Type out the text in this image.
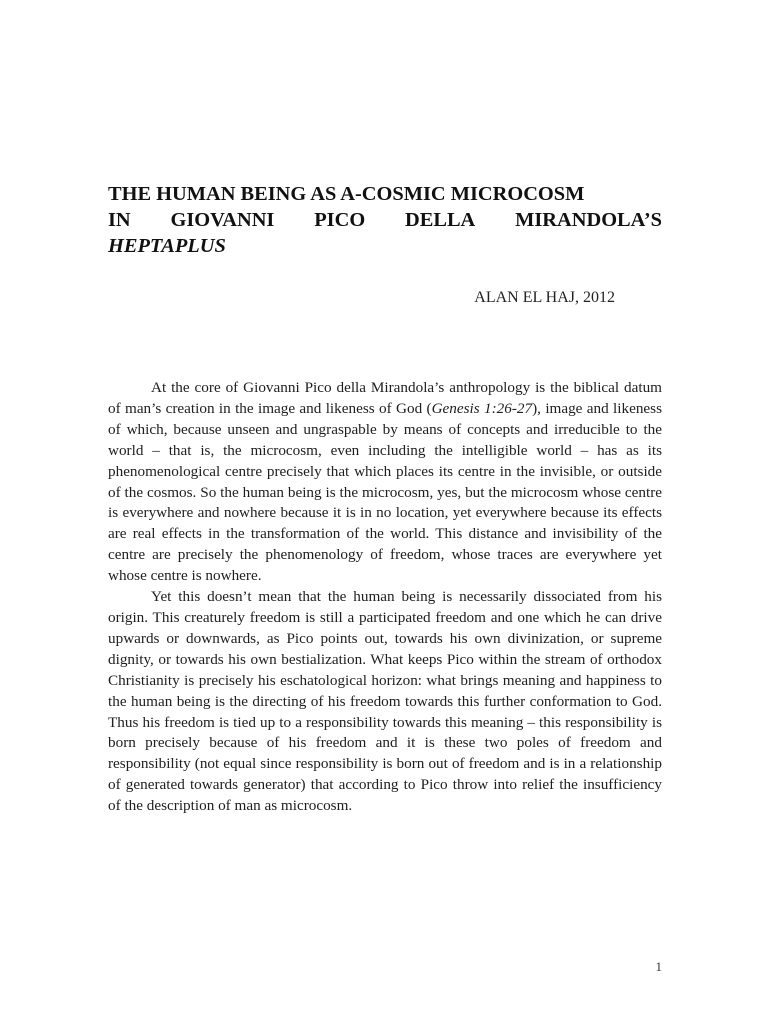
THE HUMAN BEING AS A-COSMIC MICROCOSM
IN GIOVANNI PICO DELLA MIRANDOLA’S
HEPTAPLUS
ALAN EL HAJ, 2012

At the core of Giovanni Pico della Mirandola’s anthropology is the biblical datum of man’s creation in the image and likeness of God (Genesis 1:26-27), image and likeness of which, because unseen and ungraspable by means of concepts and irreducible to the world – that is, the microcosm, even including the intelligible world – has as its phenomenological centre precisely that which places its centre in the invisible, or outside of the cosmos. So the human being is the microcosm, yes, but the microcosm whose centre is everywhere and nowhere because it is in no location, yet everywhere because its effects are real effects in the transformation of the world. This distance and invisibility of the centre are precisely the phenomenology of freedom, whose traces are everywhere yet whose centre is nowhere.

Yet this doesn’t mean that the human being is necessarily dissociated from his origin. This creaturely freedom is still a participated freedom and one which he can drive upwards or downwards, as Pico points out, towards his own divinization, or supreme dignity, or towards his own bestialization. What keeps Pico within the stream of orthodox Christianity is precisely his eschatological horizon: what brings meaning and happiness to the human being is the directing of his freedom towards this further conformation to God. Thus his freedom is tied up to a responsibility towards this meaning – this responsibility is born precisely because of his freedom and it is these two poles of freedom and responsibility (not equal since responsibility is born out of freedom and is in a relationship of generated towards generator) that according to Pico throw into relief the insufficiency of the description of man as microcosm.

1
